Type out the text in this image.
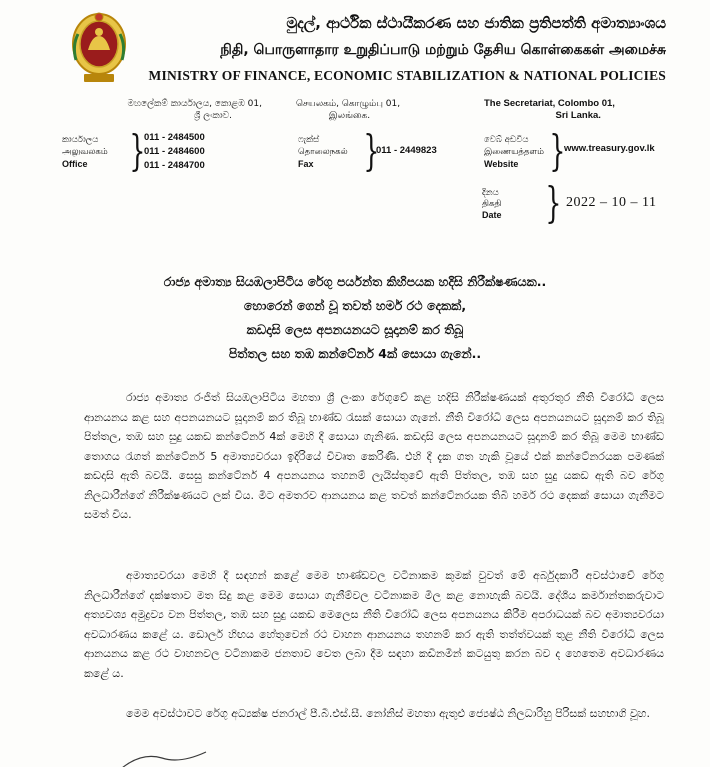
මුදල්, ආර්ථික ස්ථායීකරණ සහ ජාතික ප්‍රතිපත්ති අමාත්‍යාංශය
நிதி, பொருளாதார உறுதிப்பாடு மற்றும் தேசிய கொள்கைகள் அமைச்சு
MINISTRY OF FINANCE, ECONOMIC STABILIZATION & NATIONAL POLICIES
මහලේකම් කාර්යාලය, කොළඹ 01,
ශ්‍රී ලංකාව.
செயலகம், கொழும்பு 01,
இலங்கை.
The Secretariat, Colombo 01,
Sri Lanka.
කාර්යාලය
அலுவலகம்
Office }
011 - 2484500
011 - 2484600
011 - 2484700
ෆැක්ස්
தொலைநகல்
Fax	}
011 - 2449823
වෙබ් අඩවිය
இணையத்தளம்
Website }
www.treasury.gov.lk
දිනය
திகதி
Date } 2022 – 10 – 11
රාජ්‍ය අමාත්‍ය සියඹලාපිටිය රේගු පර්යන්ත කිහිපයක හදිසි නිරීක්ෂණයක..
හොරෙන් ගෙන් වූ තවත් හමර් රථ දෙකක්,
කඩදාසි ලෙස අපනයනයට සූදානම් කර තිබූ
පිත්තල සහ තඹ කන්ටේනර් 4ක් සොයා ගැනේ..

රාජ්‍ය අමාත්‍ය රංජිත් සියඹලාපිටිය මහතා ශ්‍රී ලංකා රේගුවේ කළ හදිසි නිරීක්ෂණයක් අතුරතුර නීති විරෝධී ලෙස ආනයනය කළ සහ අපනයනයට සූදානම් කර තිබූ භාණ්ඩ රැසක් සොයා ගැනේ. නීති විරෝධී ලෙස අපනයනයට සූදානම් කර තිබූ පිත්තල, තඹ සහ සුදු යකඩ කන්ටේනර් 4ක් මෙහි දී සොයා ගැනිණ. කඩදාසි ලෙස අපනයනයට සූදානම් කර තිබූ මෙම භාණ්ඩ තොගය රැගත් කන්ටේනර් 5 අමාත්‍යවරයා ඉදිරියේ විවෘත කෙරිණි. එහි දී දැක ගත හැකි වූයේ එක් කන්ටේනරයක පමණක් කඩදාසි ඇති බවයි. සෙසු කන්ටේනර් 4 අපනයනය තහනම් ලැයිස්තුවේ ඇති පිත්තල, තඹ සහ සුදු යකඩ ඇති බව රේගු නිලධාරීන්ගේ නිරීක්ෂණයට ලක් විය. මීට අමතරව ආනයනය කළ තවත් කන්ටේනරයක තිබී හමර් රථ දෙකක් සොයා ගැනීමට සමත් විය.

අමාත්‍යවරයා මෙහි දී සඳහන් කළේ මෙම භාණ්ඩවල වටිනාකම කුමක් වුවත් මේ අර්බුදකාරී අවස්ථාවේ රේගු නිලධාරීන්ගේ දක්ෂතාව මත සිදු කළ මෙම සොයා ගැනීම්වල වටිනාකම මිල කළ නොහැකි බවයි. දේශීය කර්මාන්තකරුවාට අත්‍යවශ්‍ය අමුද්‍රව්‍ය වන පිත්තල, තඹ සහ සුදු යකඩ මෙලෙස නීති විරෝධී ලෙස අපනයනය කිරීම අපරාධයක් බව අමාත්‍යවරයා අවධාරණය කළේ ය. ඩොලර් හිඟය හේතුවෙන් රථ වාහන ආනයනය තහනම් කර ඇති තත්ත්වයක් තුළ නීති විරෝධී ලෙස ආනයනය කළ රථ වාහනවල වටිනාකම ජනතාව වෙත ලබා දීම සඳහා කඩිනමින් කටයුතු කරන බව ද හෙතෙම අවධාරණය කළේ ය.

මෙම අවස්ථාවට රේගු අධ්‍යක්ෂ ජනරාල් පී.බී.එස්.සී. නෝනිස් මහතා ඇතුළු ජ්‍යෙෂ්ඨ නිලධාරිහු පිරිසක් සහභාගි වූහ.
